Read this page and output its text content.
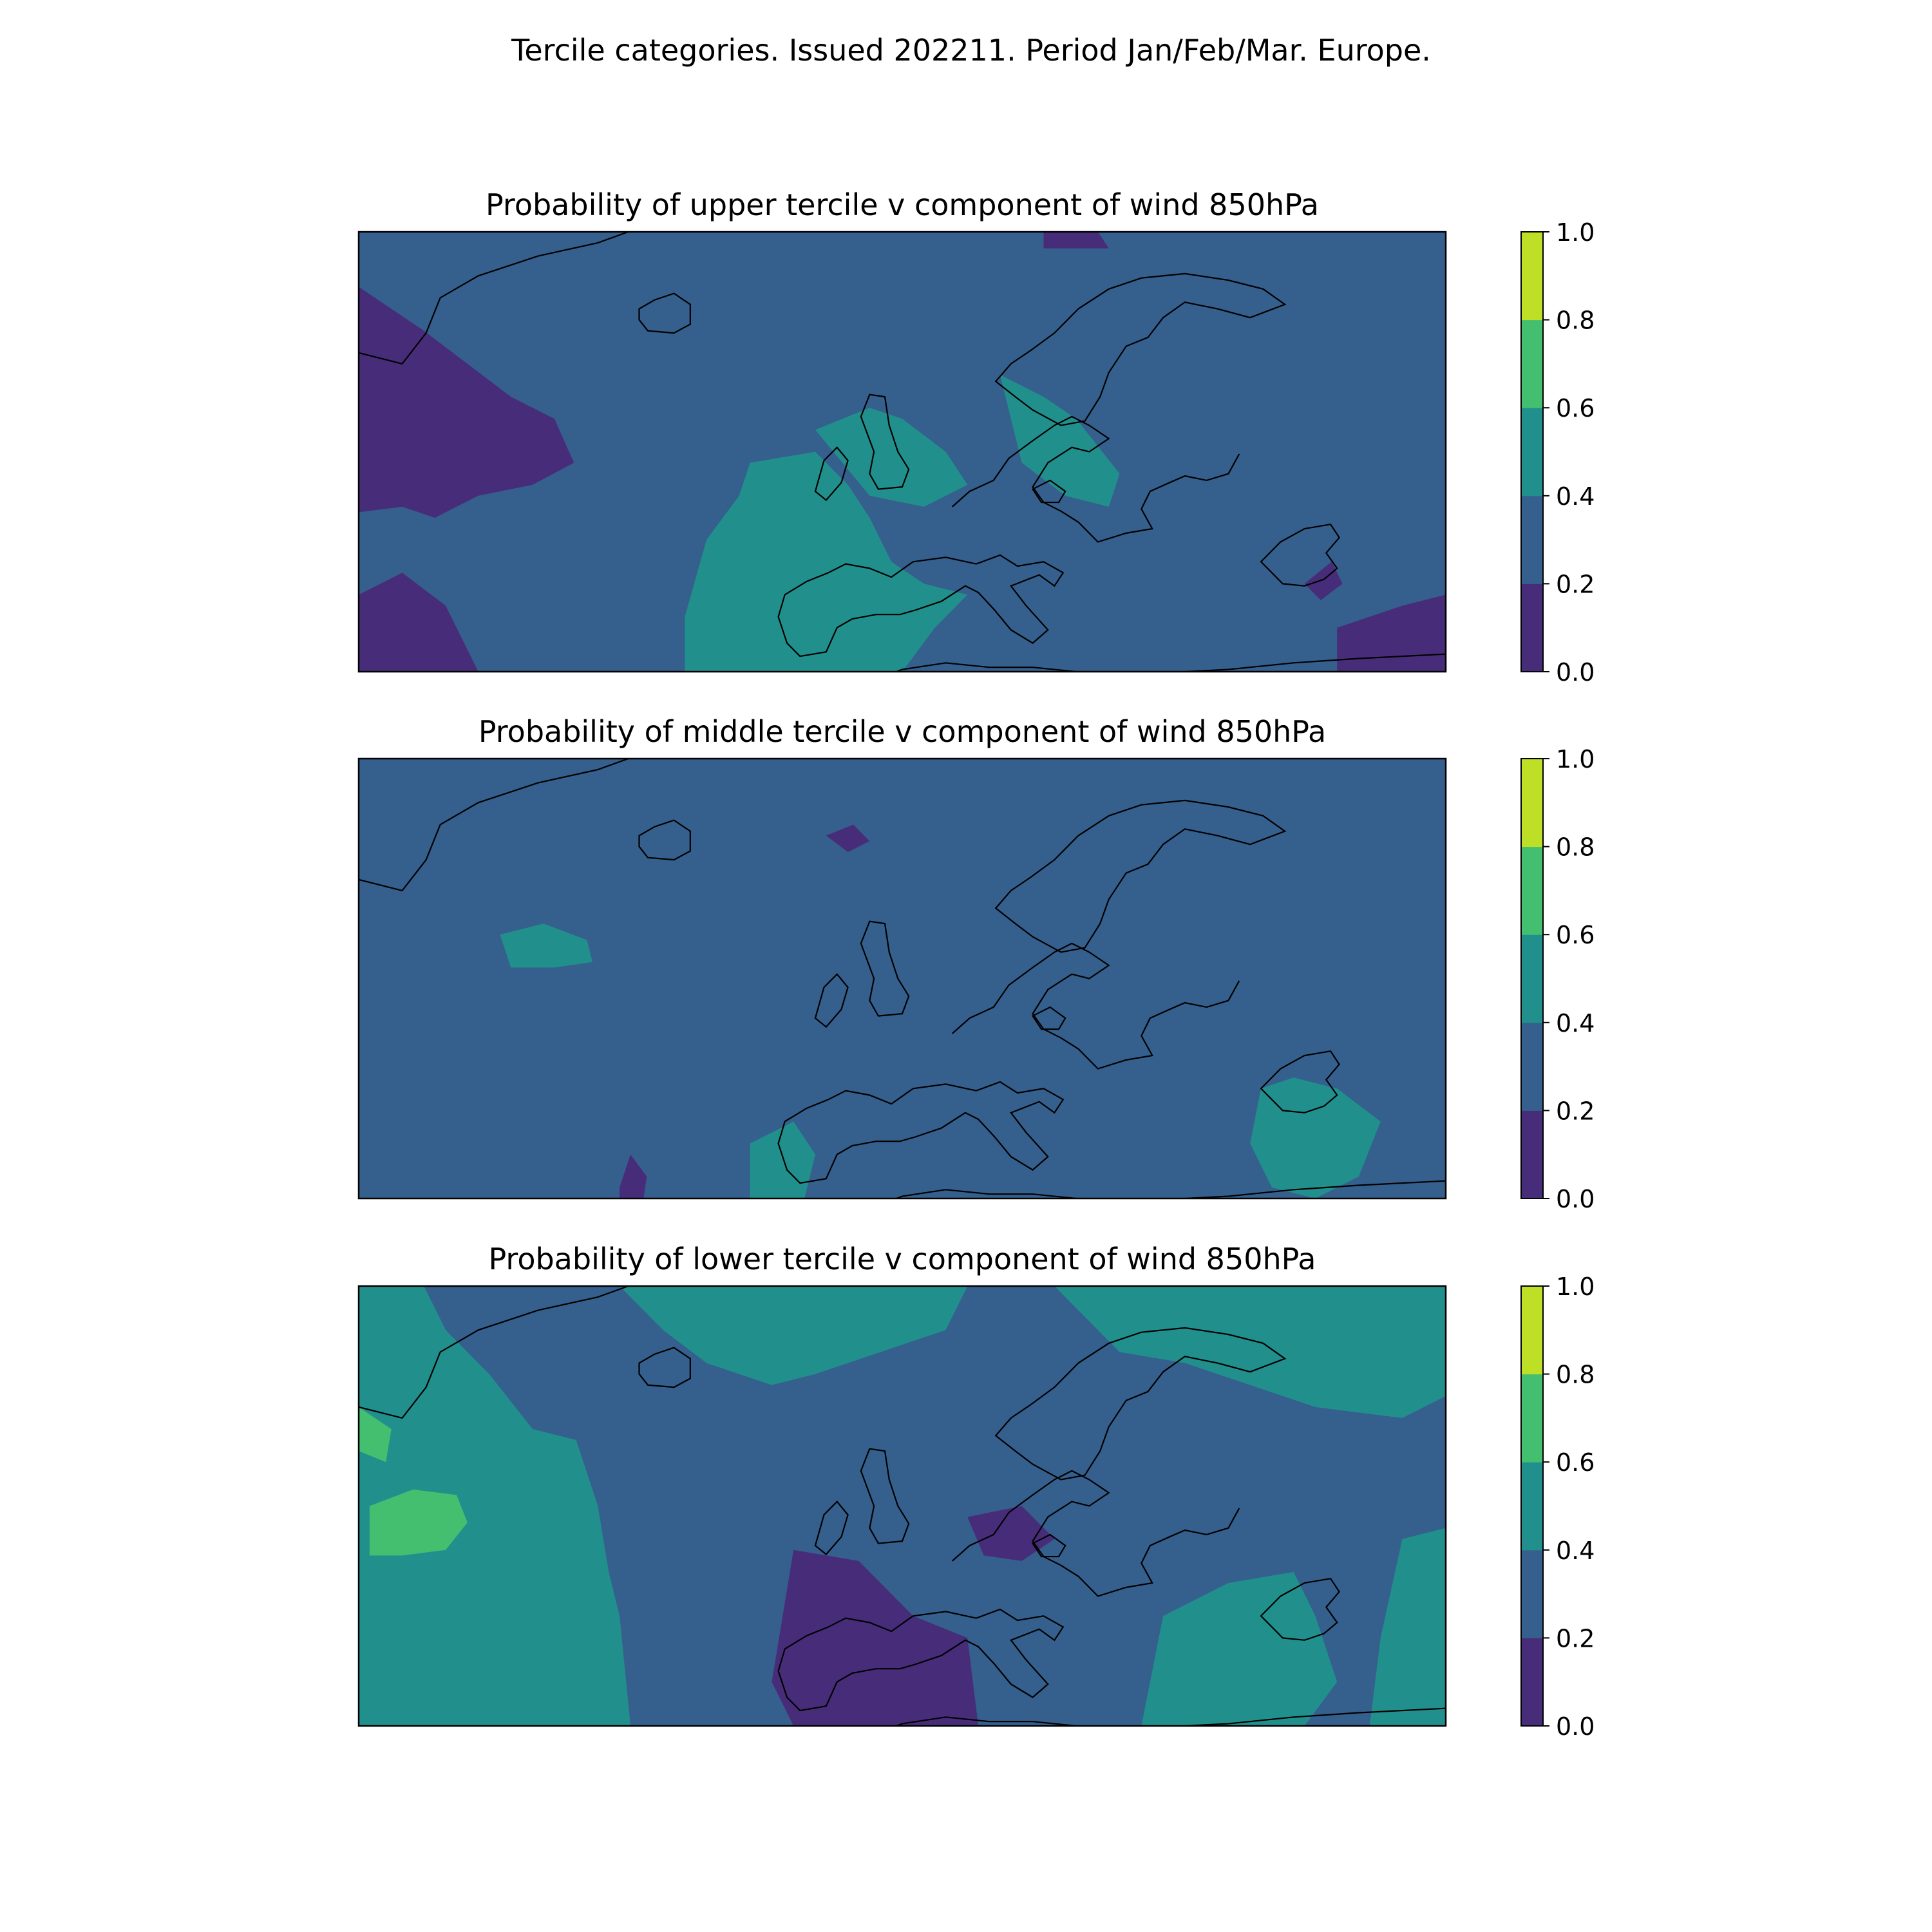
Tercile categories. Issued 202211. Period Jan/Feb/Mar. Europe.
Probability of upper tercile v component of wind 850hPa
0.0
0.2
0.4
0.6
0.8
1.0
Probability of middle tercile v component of wind 850hPa
0.0
0.2
0.4
0.6
0.8
1.0
Probability of lower tercile v component of wind 850hPa
0.0
0.2
0.4
0.6
0.8
1.0
